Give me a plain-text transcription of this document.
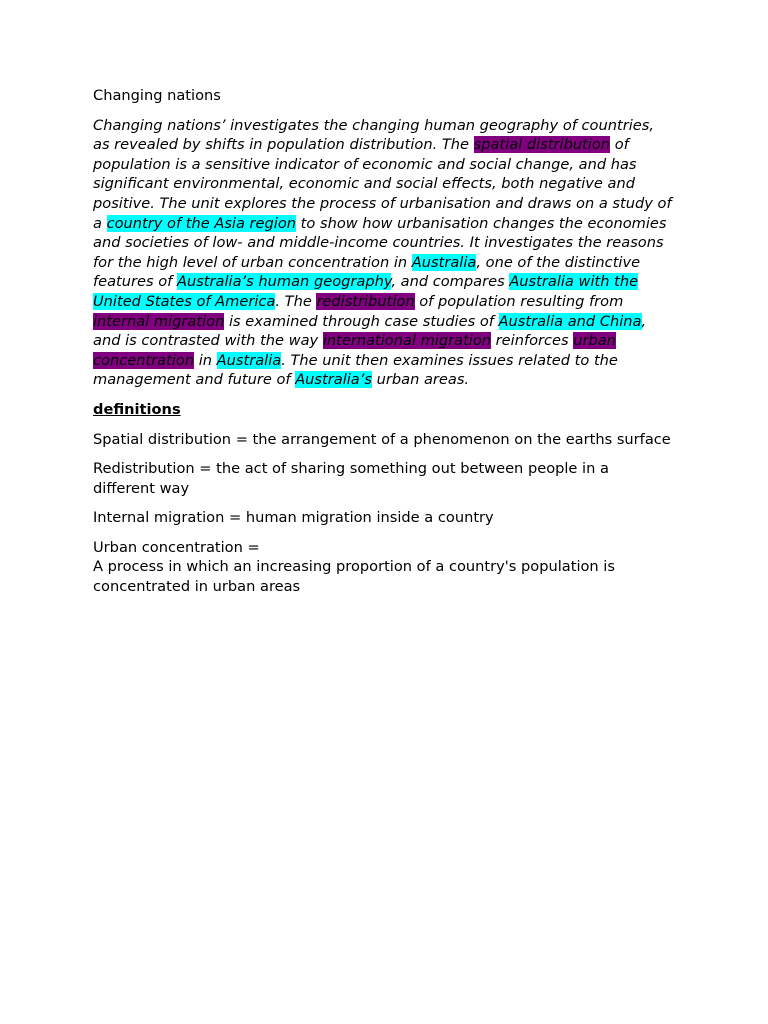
Changing nations

Changing nations’ investigates the changing human geography of countries, as revealed by shifts in population distribution. The spatial distribution of population is a sensitive indicator of economic and social change, and has significant environmental, economic and social effects, both negative and positive. The unit explores the process of urbanisation and draws on a study of a country of the Asia region to show how urbanisation changes the economies and societies of low- and middle-income countries. It investigates the reasons for the high level of urban concentration in Australia, one of the distinctive features of Australia’s human geography, and compares Australia with the United States of America. The redistribution of population resulting from internal migration is examined through case studies of Australia and China, and is contrasted with the way international migration reinforces urban concentration in Australia. The unit then examines issues related to the management and future of Australia’s urban areas.

definitions

Spatial distribution = the arrangement of a phenomenon on the earths surface

Redistribution = the act of sharing something out between people in a different way

Internal migration = human migration inside a country

Urban concentration =
A process in which an increasing proportion of a country's population is concentrated in urban areas
